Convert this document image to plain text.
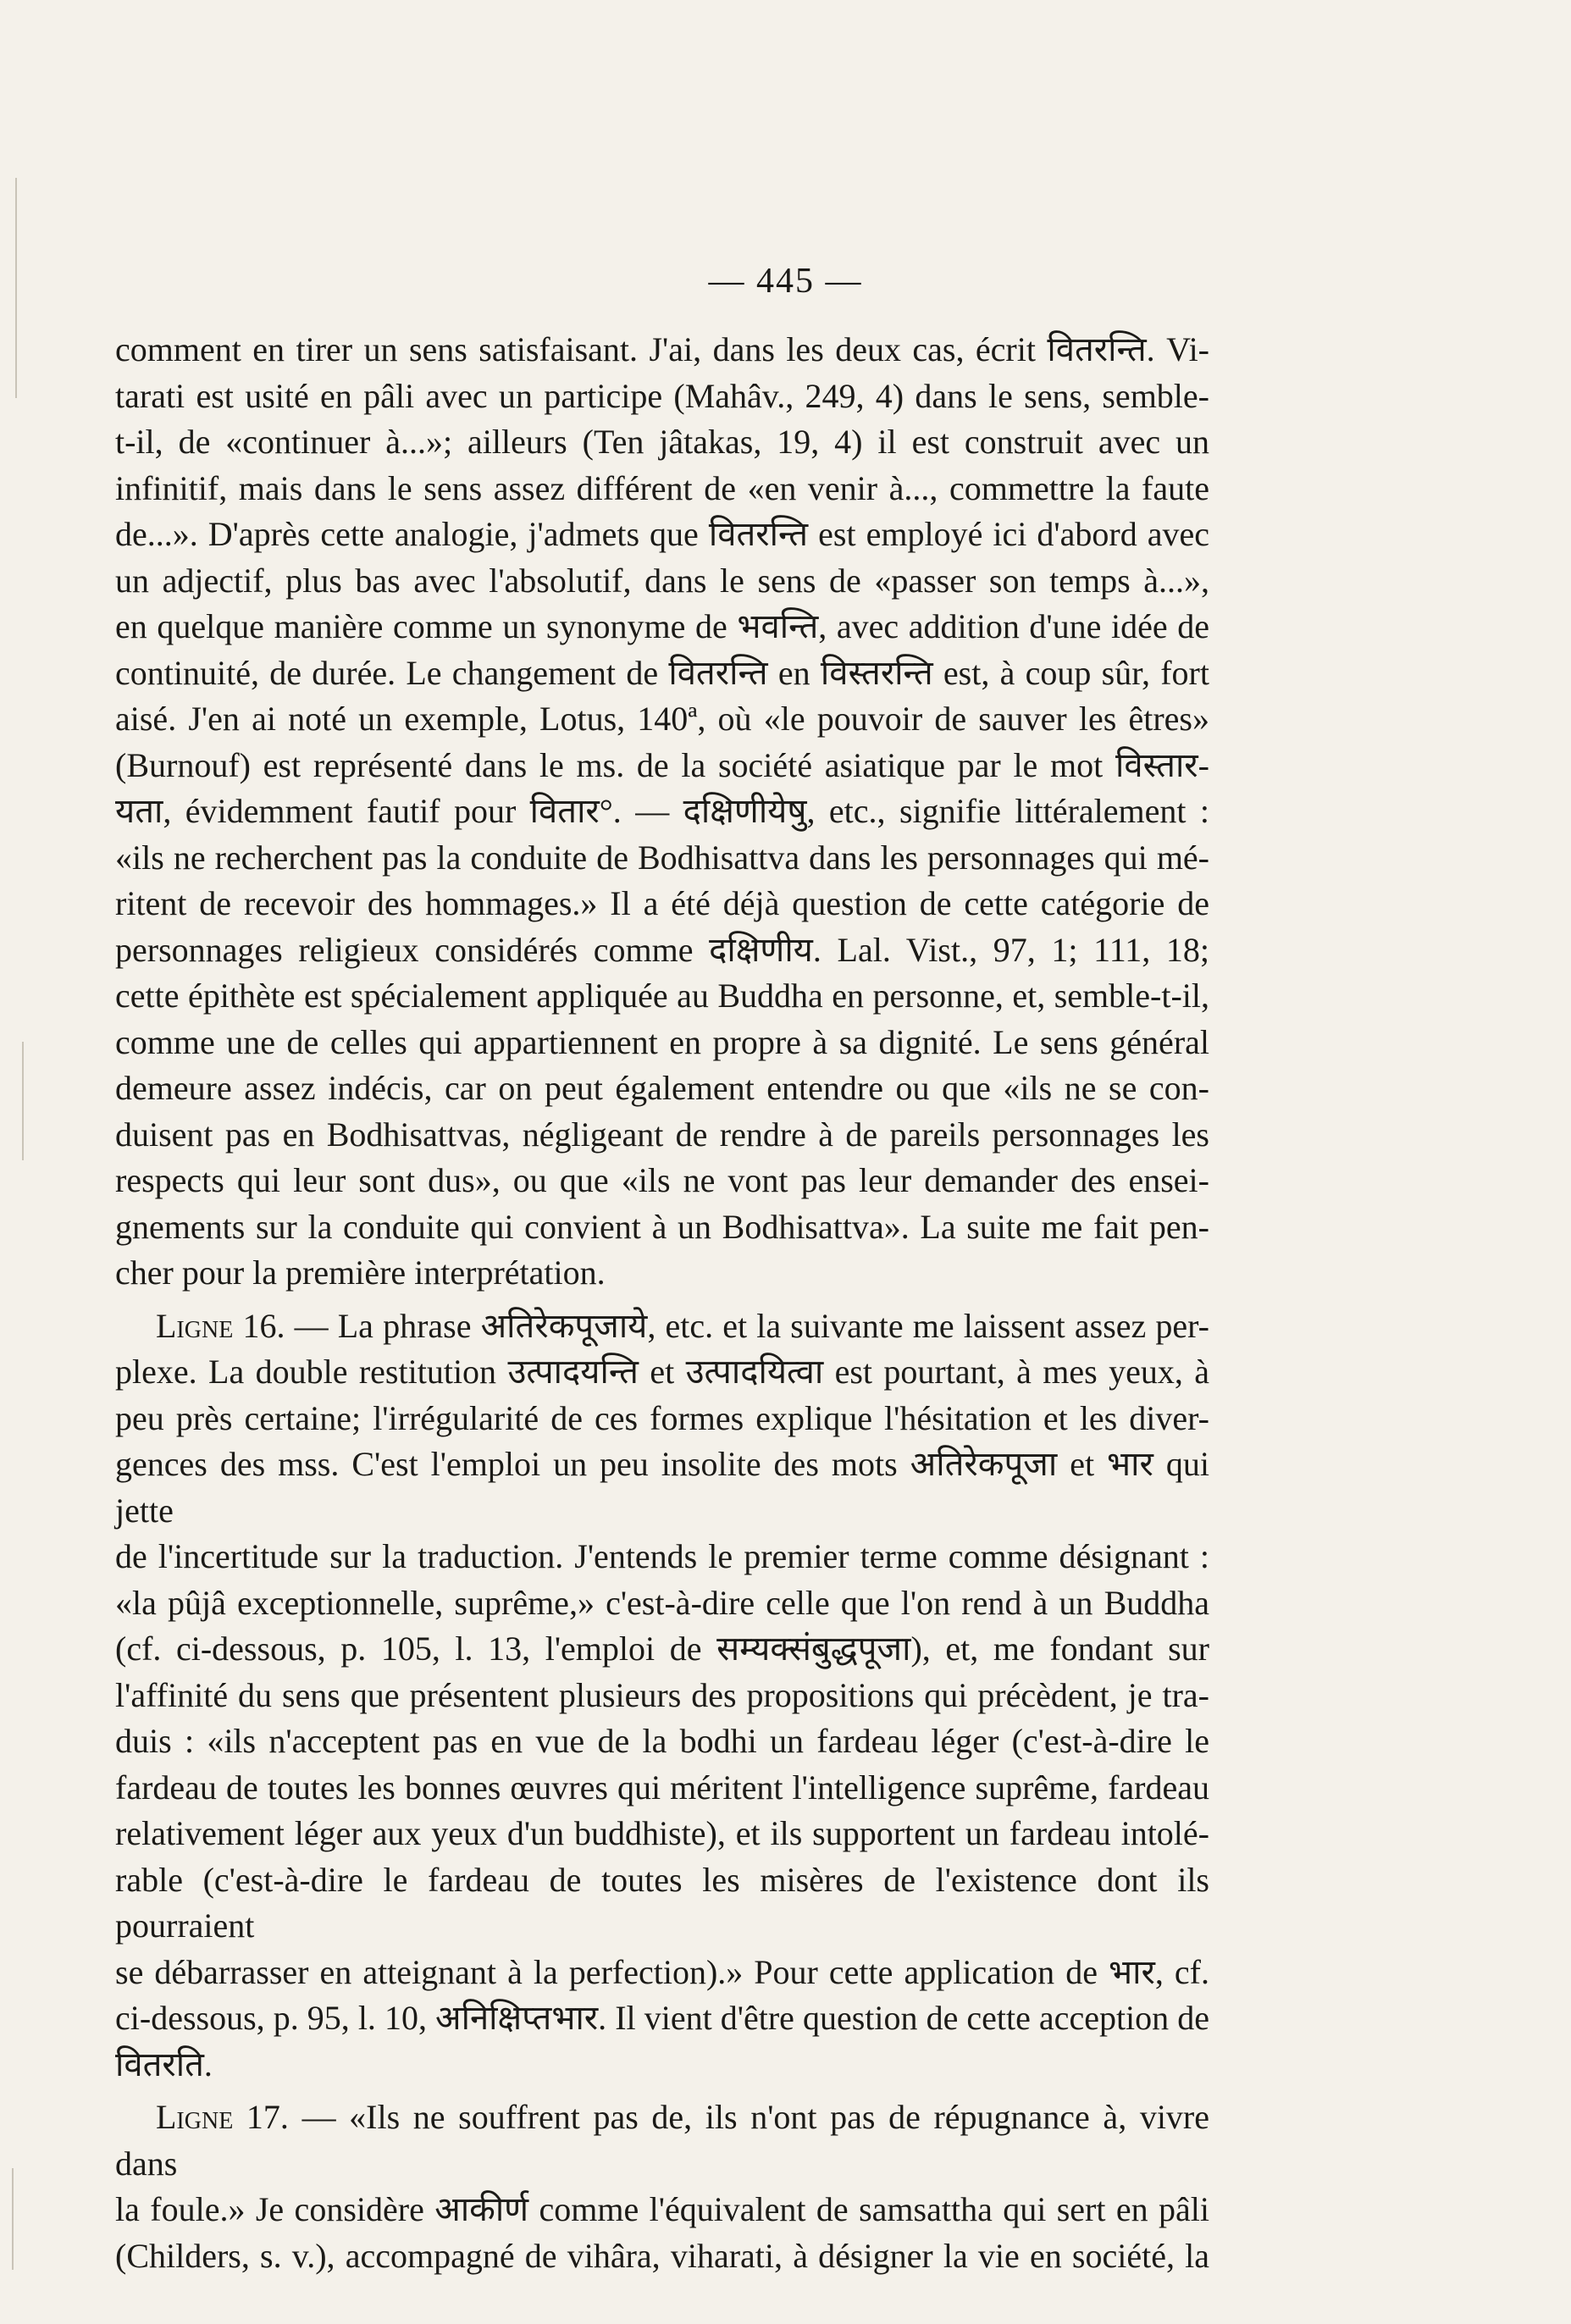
— 445 —

comment en tirer un sens satisfaisant. J'ai, dans les deux cas, écrit वितरन्ति. Vi-
tarati est usité en pâli avec un participe (Mahâv., 249, 4) dans le sens, semble-
t-il, de «continuer à...»; ailleurs (Ten jâtakas, 19, 4) il est construit avec un
infinitif, mais dans le sens assez différent de «en venir à..., commettre la faute
de...». D'après cette analogie, j'admets que वितरन्ति est employé ici d'abord avec
un adjectif, plus bas avec l'absolutif, dans le sens de «passer son temps à...»,
en quelque manière comme un synonyme de भवन्ति, avec addition d'une idée de
continuité, de durée. Le changement de वितरन्ति en विस्तरन्ति est, à coup sûr, fort
aisé. J'en ai noté un exemple, Lotus, 140ª, où «le pouvoir de sauver les êtres»
(Burnouf) est représenté dans le ms. de la société asiatique par le mot विस्तार-
यता, évidemment fautif pour वितार°. — दक्षिणीयेषु, etc., signifie littéralement :
«ils ne recherchent pas la conduite de Bodhisattva dans les personnages qui mé-
ritent de recevoir des hommages.» Il a été déjà question de cette catégorie de
personnages religieux considérés comme दक्षिणीय. Lal. Vist., 97, 1; 111, 18;
cette épithète est spécialement appliquée au Buddha en personne, et, semble-t-il,
comme une de celles qui appartiennent en propre à sa dignité. Le sens général
demeure assez indécis, car on peut également entendre ou que «ils ne se con-
duisent pas en Bodhisattvas, négligeant de rendre à de pareils personnages les
respects qui leur sont dus», ou que «ils ne vont pas leur demander des ensei-
gnements sur la conduite qui convient à un Bodhisattva». La suite me fait pen-
cher pour la première interprétation.

Ligne 16. — La phrase अतिरेकपूजाये, etc. et la suivante me laissent assez per-
plexe. La double restitution उत्पादयन्ति et उत्पादयित्वा est pourtant, à mes yeux, à
peu près certaine; l'irrégularité de ces formes explique l'hésitation et les diver-
gences des mss. C'est l'emploi un peu insolite des mots अतिरेकपूजा et भार qui jette
de l'incertitude sur la traduction. J'entends le premier terme comme désignant :
«la pûjâ exceptionnelle, suprême,» c'est-à-dire celle que l'on rend à un Buddha
(cf. ci-dessous, p. 105, l. 13, l'emploi de सम्यक्संबुद्धपूजा), et, me fondant sur
l'affinité du sens que présentent plusieurs des propositions qui précèdent, je tra-
duis : «ils n'acceptent pas en vue de la bodhi un fardeau léger (c'est-à-dire le
fardeau de toutes les bonnes œuvres qui méritent l'intelligence suprême, fardeau
relativement léger aux yeux d'un buddhiste), et ils supportent un fardeau intolé-
rable (c'est-à-dire le fardeau de toutes les misères de l'existence dont ils pourraient
se débarrasser en atteignant à la perfection).» Pour cette application de भार, cf.
ci-dessous, p. 95, l. 10, अनिक्षिप्तभार. Il vient d'être question de cette acception de
वितरति.

Ligne 17. — «Ils ne souffrent pas de, ils n'ont pas de répugnance à, vivre dans
la foule.» Je considère आकीर्ण comme l'équivalent de samsattha qui sert en pâli
(Childers, s. v.), accompagné de vihâra, viharati, à désigner la vie en société, la
